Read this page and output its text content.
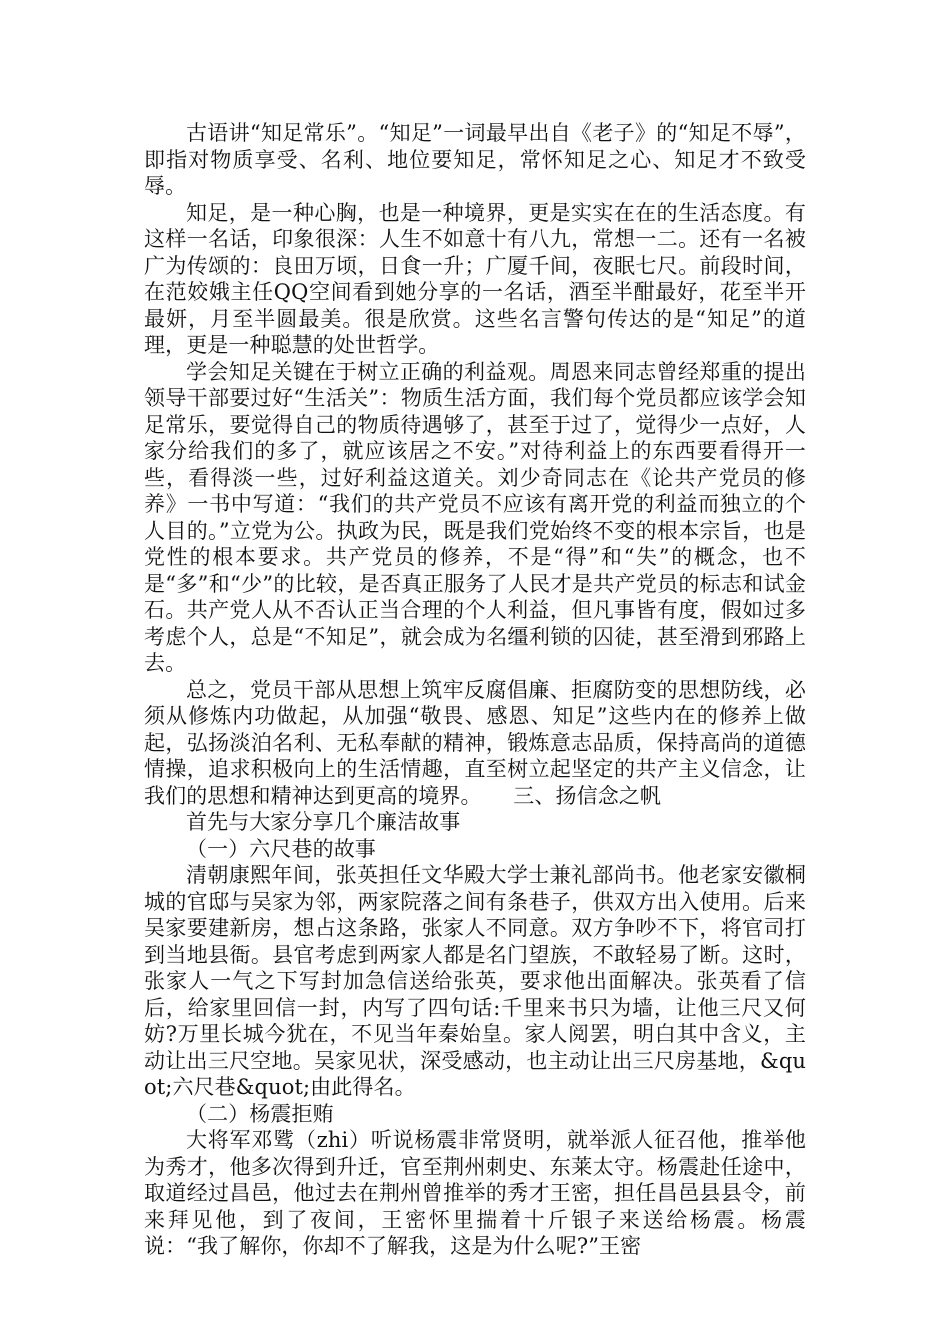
古语讲“知足常乐”。“知足”一词最早出自《老子》的“知足不辱”，即指对物质享受、名利、地位要知足，常怀知足之心、知足才不致受辱。

知足，是一种心胸，也是一种境界，更是实实在在的生活态度。有这样一名话，印象很深：人生不如意十有八九，常想一二。还有一名被广为传颂的：良田万顷，日食一升；广厦千间，夜眠七尺。前段时间，在范姣娥主任QQ空间看到她分享的一名话，酒至半酣最好，花至半开最妍，月至半圆最美。很是欣赏。这些名言警句传达的是“知足”的道理，更是一种聪慧的处世哲学。

学会知足关键在于树立正确的利益观。周恩来同志曾经郑重的提出领导干部要过好“生活关”：物质生活方面，我们每个党员都应该学会知足常乐，要觉得自己的物质待遇够了，甚至于过了，觉得少一点好，人家分给我们的多了，就应该居之不安。”对待利益上的东西要看得开一些，看得淡一些，过好利益这道关。刘少奇同志在《论共产党员的修养》一书中写道：“我们的共产党员不应该有离开党的利益而独立的个人目的。”立党为公。执政为民，既是我们党始终不变的根本宗旨，也是党性的根本要求。共产党员的修养，不是“得”和“失”的概念，也不是“多”和“少”的比较，是否真正服务了人民才是共产党员的标志和试金石。共产党人从不否认正当合理的个人利益，但凡事皆有度，假如过多考虑个人，总是“不知足”，就会成为名缰利锁的囚徒，甚至滑到邪路上去。

总之，党员干部从思想上筑牢反腐倡廉、拒腐防变的思想防线，必须从修炼内功做起，从加强“敬畏、感恩、知足”这些内在的修养上做起，弘扬淡泊名利、无私奉献的精神，锻炼意志品质，保持高尚的道德情操，追求积极向上的生活情趣，直至树立起坚定的共产主义信念，让我们的思想和精神达到更高的境界。　　三、扬信念之帆

首先与大家分享几个廉洁故事

（一）六尺巷的故事

清朝康熙年间，张英担任文华殿大学士兼礼部尚书。他老家安徽桐城的官邸与吴家为邻，两家院落之间有条巷子，供双方出入使用。后来吴家要建新房，想占这条路，张家人不同意。双方争吵不下，将官司打到当地县衙。县官考虑到两家人都是名门望族，不敢轻易了断。这时，张家人一气之下写封加急信送给张英，要求他出面解决。张英看了信后，给家里回信一封，内写了四句话:千里来书只为墙，让他三尺又何妨?万里长城今犹在，不见当年秦始皇。家人阅罢，明白其中含义，主动让出三尺空地。吴家见状，深受感动，也主动让出三尺房基地，&quot;六尺巷&quot;由此得名。

（二）杨震拒贿

大将军邓骘（zhi）听说杨震非常贤明，就举派人征召他，推举他为秀才，他多次得到升迁，官至荆州刺史、东莱太守。杨震赴任途中，取道经过昌邑，他过去在荆州曾推举的秀才王密，担任昌邑县县令，前来拜见他，到了夜间，王密怀里揣着十斤银子来送给杨震。杨震说：“我了解你，你却不了解我，这是为什么呢?”王密
